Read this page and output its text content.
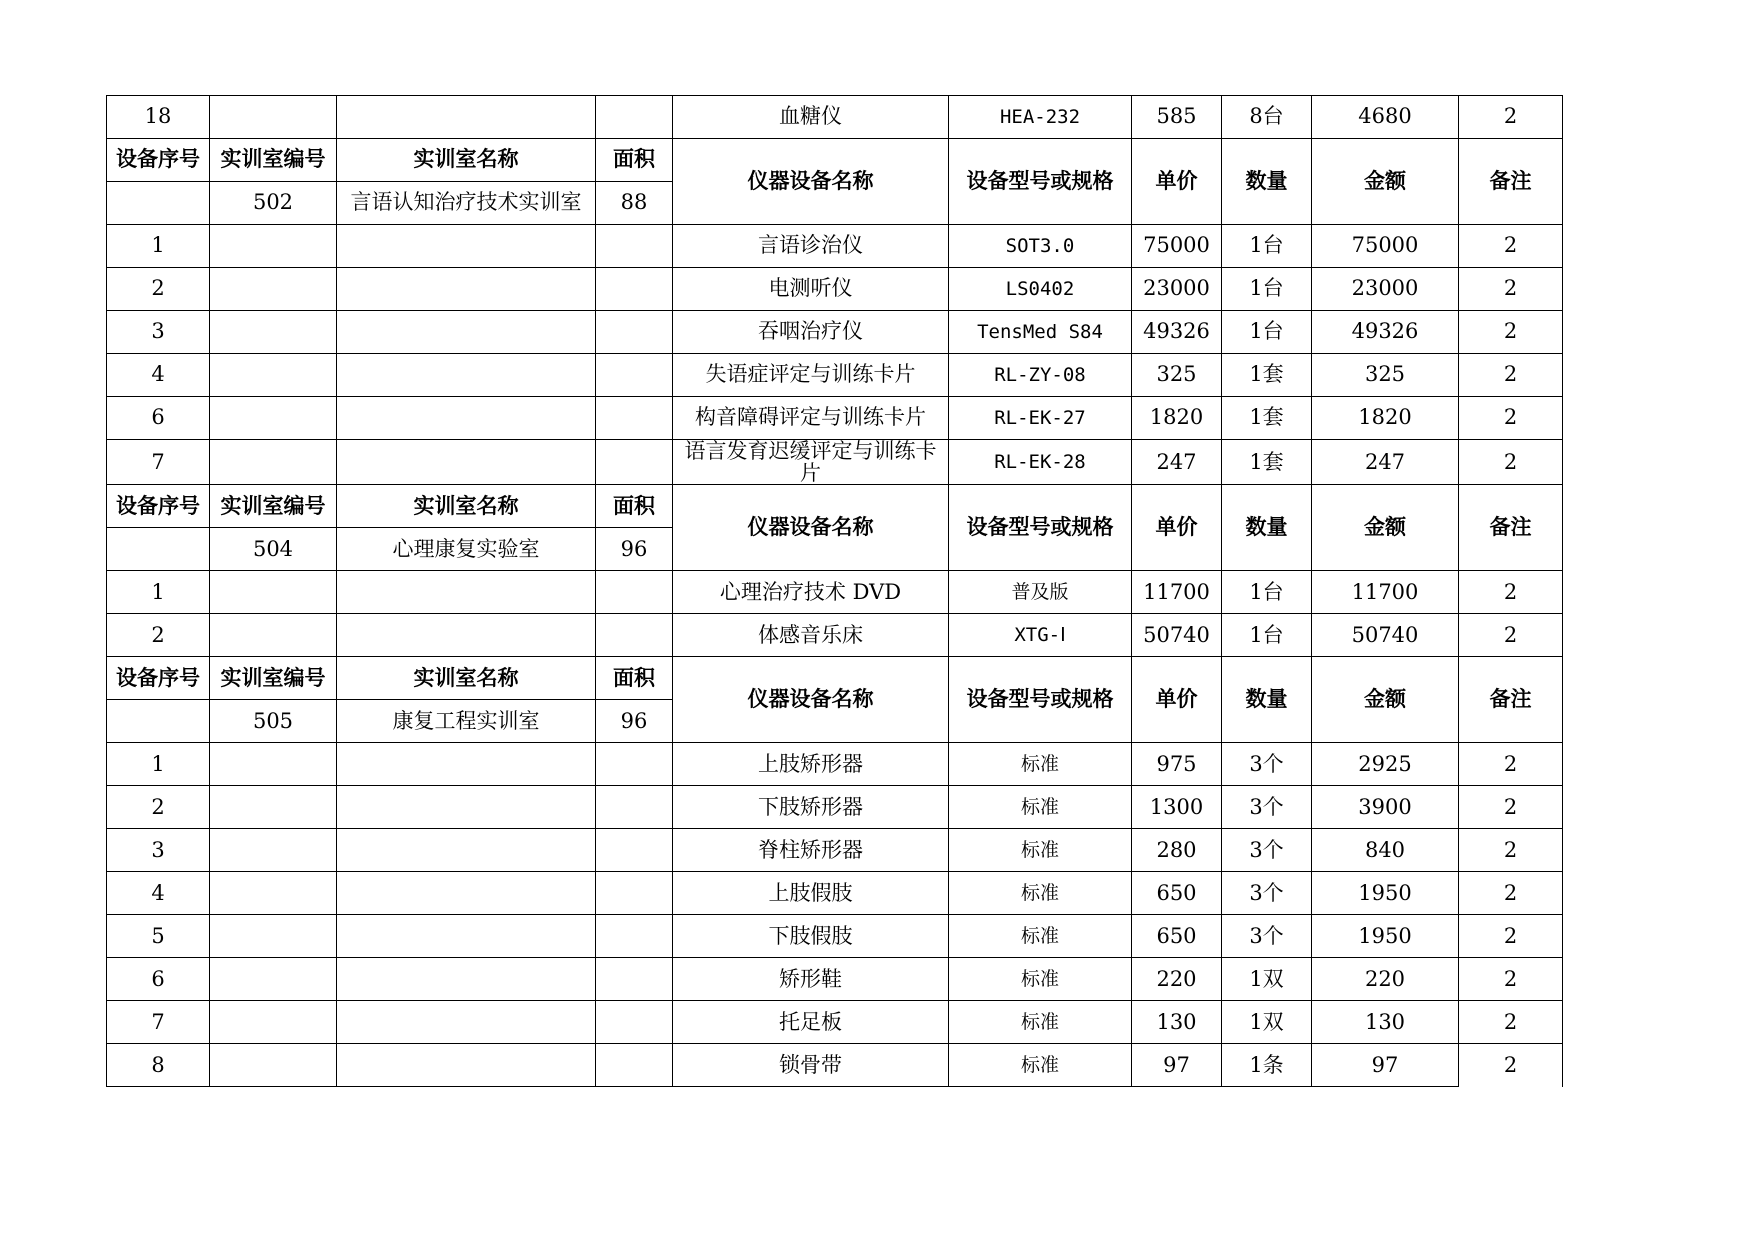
18				血糖仪	HEA-232	585	8台	4680	2
设备序号	实训室编号	实训室名称	面积	仪器设备名称	设备型号或规格	单价	数量	金额	备注
	502	言语认知治疗技术实训室	88						
1				言语诊治仪	SOT3.0	75000	1台	75000	2
2				电测听仪	LS0402	23000	1台	23000	2
3				吞咽治疗仪	TensMed S84	49326	1台	49326	2
4				失语症评定与训练卡片	RL-ZY-08	325	1套	325	2
6				构音障碍评定与训练卡片	RL-EK-27	1820	1套	1820	2
7				语言发育迟缓评定与训练卡片	RL-EK-28	247	1套	247	2
设备序号	实训室编号	实训室名称	面积	仪器设备名称	设备型号或规格	单价	数量	金额	备注
	504	心理康复实验室	96						
1				心理治疗技术 DVD	普及版	11700	1台	11700	2
2				体感音乐床	XTG-Ⅰ	50740	1台	50740	2
设备序号	实训室编号	实训室名称	面积	仪器设备名称	设备型号或规格	单价	数量	金额	备注
	505	康复工程实训室	96						
1				上肢矫形器	标准	975	3个	2925	2
2				下肢矫形器	标准	1300	3个	3900	2
3				脊柱矫形器	标准	280	3个	840	2
4				上肢假肢	标准	650	3个	1950	2
5				下肢假肢	标准	650	3个	1950	2
6				矫形鞋	标准	220	1双	220	2
7				托足板	标准	130	1双	130	2
8				锁骨带	标准	97	1条	97	2
